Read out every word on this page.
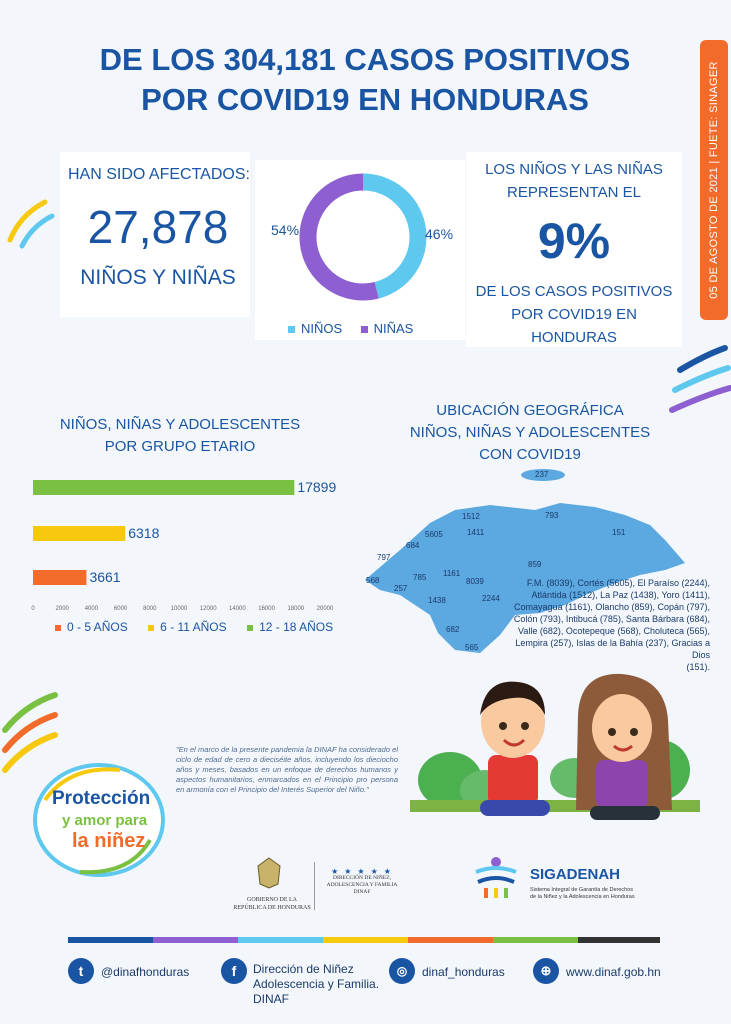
DE LOS 304,181 CASOS POSITIVOS
POR COVID19 EN HONDURAS	05 DE AGOSTO DE 2021 | FUETE: SINAGER
HAN SIDO AFECTADOS:
27,878
NIÑOS Y NIÑAS
54%	46%
NIÑOS NIÑAS
LOS NIÑOS Y LAS NIÑAS
REPRESENTAN EL
9%
DE LOS CASOS POSITIVOS
POR COVID19 EN
HONDURAS
NIÑOS, NIÑAS Y ADOLESCENTES
POR GRUPO ETARIO
17899
6318
3661
0	2000	4000	6000	8000 10000 12000 14000 16000 18000 20000
0 - 5 AÑOS	6 - 11 AÑOS	12 - 18 AÑOS
UBICACIÓN GEOGRÁFICA
NIÑOS, NIÑAS Y ADOLESCENTES
CON COVID19
237
1512
1411
793
151
5605
684
797
568
257
785 1161
8039
859
1438	2244
682
565
F.M. (8039), Cortés (5605), El Paraíso (2244),
Atlántida (1512), La Paz (1438), Yoro (1411),
Comayagua (1161), Olancho (859), Copán (797),
Colón (793), Intibucá (785), Santa Bárbara (684),
Valle (682), Ocotepeque (568), Choluteca (565),
Lempira (257), Islas de la Bahía (237), Gracias a Dios
(151).
"En el marco de la presente pandemia la DINAF ha considerado el ciclo de edad de cero a dieciséite años, incluyendo los dieciocho años y meses, basados en un enfoque de derechos humanos y aspectos humanitarios, enmarcados en el Principio pro persona en armonía con el Principio del Interés Superior del Niño."
Protección
y amor para
la niñez
GOBIERNO DE LA
REPÚBLICA DE HONDURAS
★ ★ ★ ★ ★
DIRECCIÓN DE NIÑEZ,
ADOLESCENCIA Y FAMILIA
DINAF
SIGADENAH
Sistema Integral de Garantía de Derechos
de la Niñez y la Adolescencia en Honduras
t	@dinafhonduras	f	Dirección de Niñez
Adolescencia y Familia.
DINAF
◎	dinaf_honduras	⊕	www.dinaf.gob.hn
